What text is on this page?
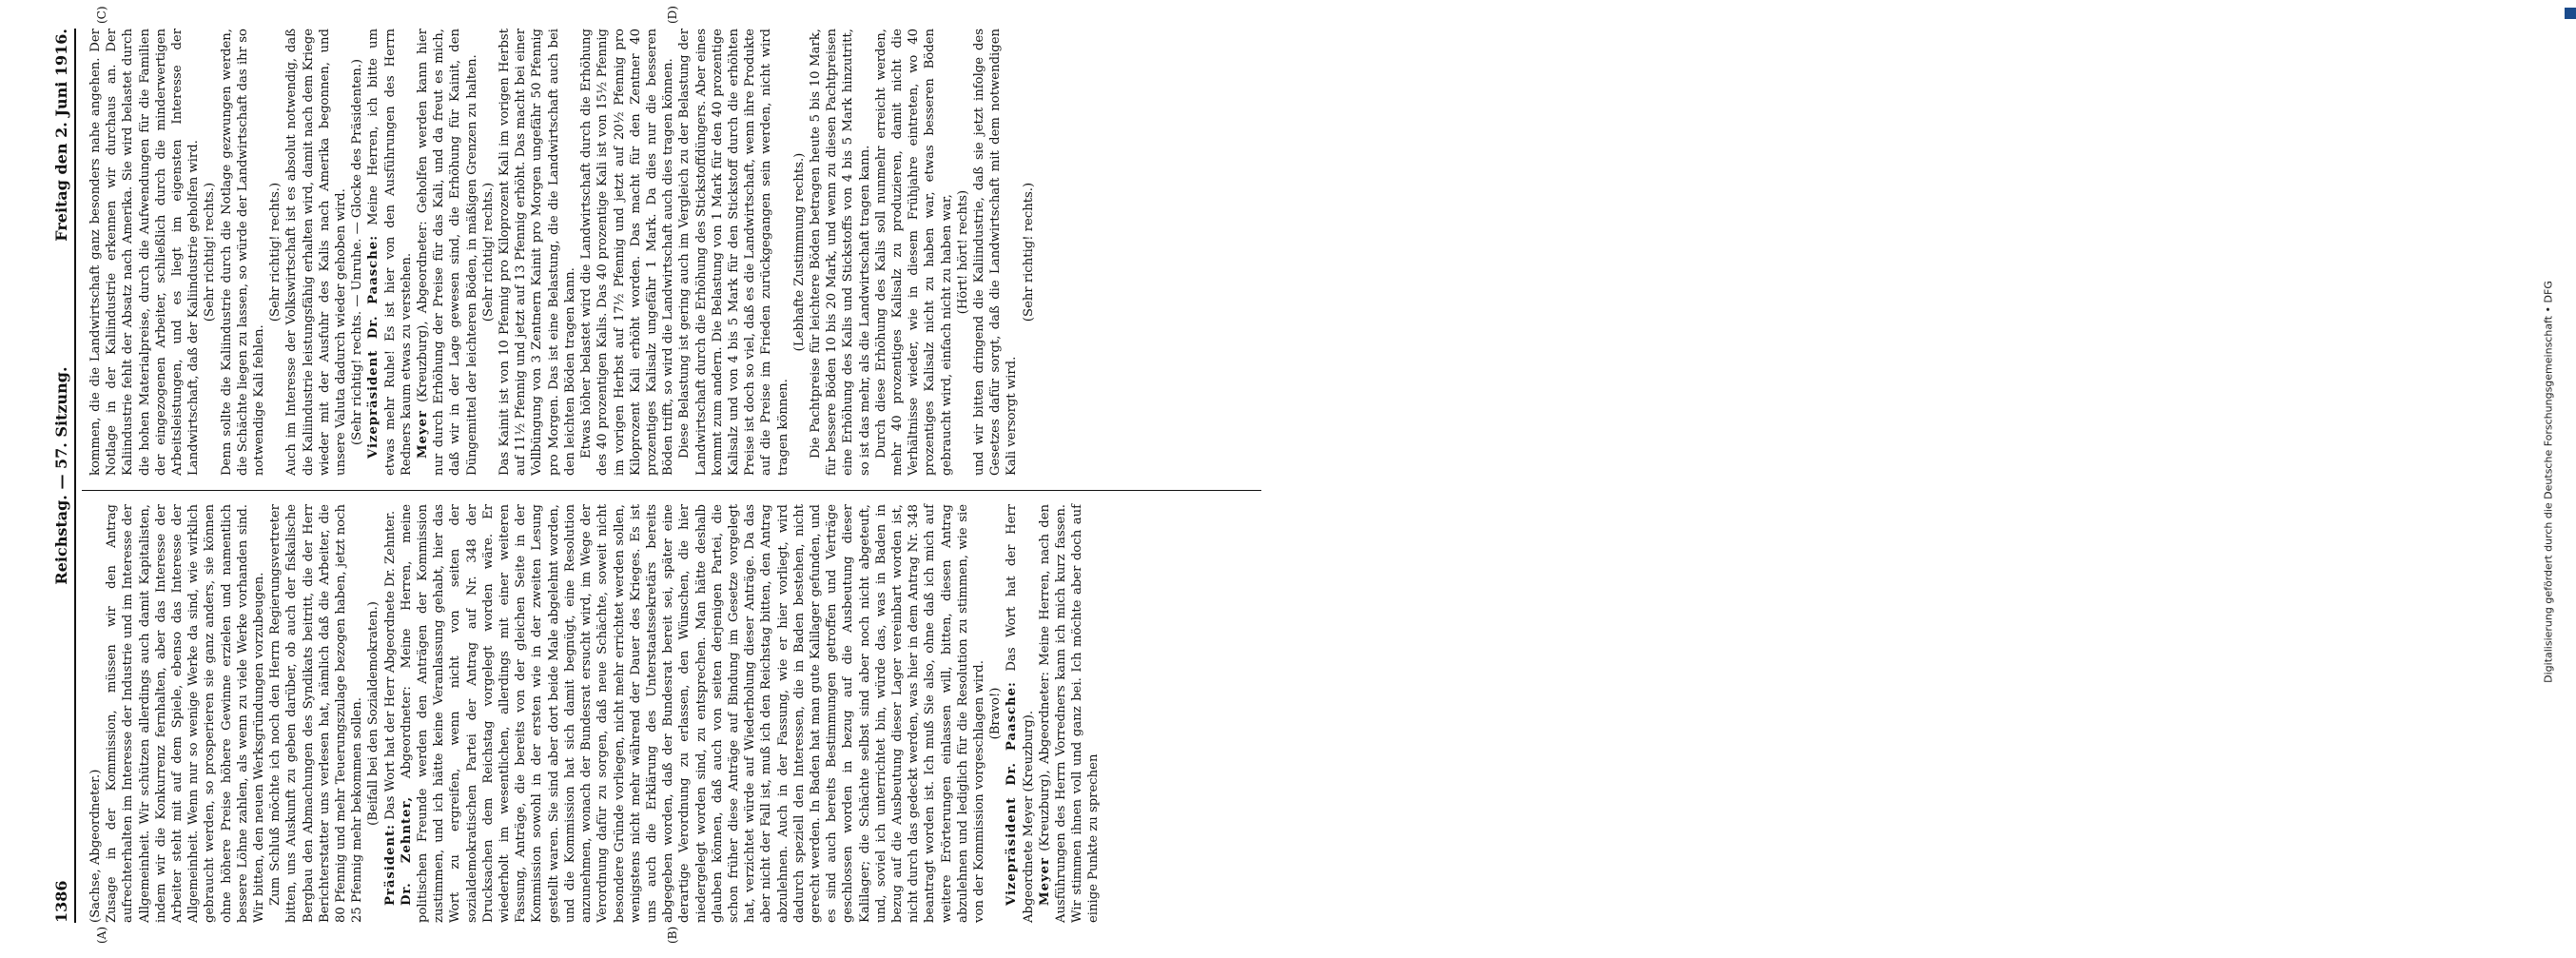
1386
Reichstag. — 57. Sitzung.
Freitag den 2. Juni 1916.
(A)	(B)
(C)	(D)

(Sachse, Abgeordneter.) Zusage in der Kommission, müssen wir den Antrag aufrechterhalten im Interesse der Industrie und im Interesse der Allgemeinheit. Wir schützen allerdings auch damit Kapitalisten, indem wir die Konkurrenz fernhalten, aber das Interesse der Arbeiter steht mit auf dem Spiele, ebenso das Interesse der Allgemeinheit. Wenn nur so wenige Werke da sind, wie wirklich gebraucht werden, so prosperieren sie ganz anders, sie können ohne höhere Preise höhere Gewinne erzielen und namentlich bessere Löhne zahlen, als wenn zu viele Werke vorhanden sind. Wir bitten, den neuen Werksgründungen vorzubeugen. Zum Schluß möchte ich noch den Herrn Regierungsvertreter bitten, uns Auskunft zu geben darüber, ob auch der fiskalische Bergbau den Abmachungen des Syndikats beitritt, die der Herr Berichterstatter uns verlesen hat, nämlich daß die Arbeiter, die 80 Pfennig und mehr Teuerungszulage bezogen haben, jetzt noch 25 Pfennig mehr bekommen sollen. (Beifall bei den Sozialdemokraten.)

Präsident: Das Wort hat der Herr Abgeordnete Dr. Zehnter.

Dr. Zehnter, Abgeordneter: Meine Herren, meine politischen Freunde werden den Anträgen der Kommission zustimmen, und ich hätte keine Veranlassung gehabt, hier das Wort zu ergreifen, wenn nicht von seiten der sozialdemokratischen Partei der Antrag auf Nr. 348 der Drucksachen dem Reichstag vorgelegt worden wäre. Er wiederholt im wesentlichen, allerdings mit einer weiteren Fassung, Anträge, die bereits von der gleichen Seite in der Kommission sowohl in der ersten wie in der zweiten Lesung gestellt waren. Sie sind aber dort beide Male abgelehnt worden, und die Kommission hat sich damit begnügt, eine Resolution anzunehmen, wonach der Bundesrat ersucht wird, im Wege der Verordnung dafür zu sorgen, daß neue Schächte, soweit nicht besondere Gründe vorliegen, nicht mehr errichtet werden sollen, wenigstens nicht mehr während der Dauer des Krieges. Es ist uns auch die Erklärung des Unterstaatssekretärs bereits abgegeben worden, daß der Bundesrat bereit sei, später eine derartige Verordnung zu erlassen, den Wünschen, die hier niedergelegt worden sind, zu entsprechen. Man hätte deshalb glauben können, daß auch von seiten derjenigen Partei, die schon früher diese Anträge auf Bindung im Gesetze vorgelegt hat, verzichtet würde auf Wiederholung dieser Anträge. Da das aber nicht der Fall ist, muß ich den Reichstag bitten, den Antrag abzulehnen. Auch in der Fassung, wie er hier vorliegt, wird dadurch speziell den Interessen, die in Baden bestehen, nicht gerecht werden. In Baden hat man gute Kalilager gefunden, und es sind auch bereits Bestimmungen getroffen und Verträge geschlossen worden in bezug auf die Ausbeutung dieser Kalilager; die Schächte selbst sind aber noch nicht abgeteuft, und, soviel ich unterrichtet bin, würde das, was in Baden in bezug auf die Ausbeutung dieser Lager vereinbart worden ist, nicht durch das gedeckt werden, was hier in dem Antrag Nr. 348 beantragt worden ist. Ich muß Sie also, ohne daß ich mich auf weitere Erörterungen einlassen will, bitten, diesen Antrag abzulehnen und lediglich für die Resolution zu stimmen, wie sie von der Kommission vorgeschlagen wird. (Bravo!) Vizepräsident Dr. Paasche: Das Wort hat der Herr Abgeordnete Meyer (Kreuzburg). Meyer (Kreuzburg), Abgeordneter: Meine Herren, nach den Ausführungen des Herrn Vorredners kann ich mich kurz fassen. Wir stimmen ihnen voll und ganz bei. Ich möchte aber doch auf einige Punkte zu sprechen

kommen, die die Landwirtschaft ganz besonders nahe angehen. Der Notlage in der Kaliindustrie erkennen wir durchaus an. Der Kaliindustrie fehlt der Absatz nach Amerika. Sie wird belastet durch die hohen Materialpreise, durch die Aufwendungen für die Familien der eingezogenen Arbeiter, schließlich durch die minderwertigen Arbeitsleistungen, und es liegt im eigensten Interesse der Landwirtschaft, daß der Kaliindustrie geholfen wird. (Sehr richtig! rechts.) Denn sollte die Kaliindustrie durch die Notlage gezwungen werden, die Schächte liegen zu lassen, so würde der Landwirtschaft das ihr so notwendige Kali fehlen.

(Sehr richtig! rechts.) Auch im Interesse der Volkswirtschaft ist es absolut notwendig, daß die Kaliindustrie leistungsfähig erhalten wird, damit nach dem Kriege wieder mit der Ausfuhr des Kalis nach Amerika begonnen, und unsere Valuta dadurch wieder gehoben wird. (Sehr richtig! rechts. — Unruhe. — Glocke des Präsidenten.) Vizepräsident Dr. Paasche: Meine Herren, ich bitte um etwas mehr Ruhe! Es ist hier von den Ausführungen des Herrn Redners kaum etwas zu verstehen. Meyer (Kreuzburg), Abgeordneter: Geholfen werden kann hier nur durch Erhöhung der Preise für das Kali, und da freut es mich, daß wir in der Lage gewesen sind, die Erhöhung für Kainit, den Düngemittel der leichteren Böden, in mäßigen Grenzen zu halten. (Sehr richtig! rechts.) Das Kainit ist von 10 Pfennig pro Kiloprozent Kali im vorigen Herbst auf 11½ Pfennig und jetzt auf 13 Pfennig erhöht. Das macht bei einer Vollbüngung von 3 Zentnern Kainit pro Morgen ungefähr 50 Pfennig pro Morgen. Das ist eine Belastung, die die Landwirtschaft auch bei den leichten Böden tragen kann. Etwas höher belastet wird die Landwirtschaft durch die Erhöhung des 40 prozentigen Kalis. Das 40 prozentige Kali ist von 15½ Pfennig im vorigen Herbst auf 17½ Pfennig und jetzt auf 20½ Pfennig pro Kiloprozent Kali erhöht worden. Das macht für den Zentner 40 prozentiges Kalisalz ungefähr 1 Mark. Da dies nur die besseren Böden trifft, so wird die Landwirtschaft auch dies tragen können. Diese Belastung ist gering auch im Vergleich zu der Belastung der Landwirtschaft durch die Erhöhung des Stickstoffdüngers. Aber eines kommt zum andern. Die Belastung von 1 Mark für den 40 prozentige Kalisalz und von 4 bis 5 Mark für den Stickstoff durch die erhöhten Preise ist doch so viel, daß es die Landwirtschaft, wenn ihre Produkte auf die Preise im Frieden zurückgegangen sein werden, nicht wird tragen können.

(Lebhafte Zustimmung rechts.) Die Pachtpreise für leichtere Böden betragen heute 5 bis 10 Mark, für bessere Böden 10 bis 20 Mark, und wenn zu diesen Pachtpreisen eine Erhöhung des Kalis und Stickstoffs von 4 bis 5 Mark hinzutritt, so ist das mehr, als die Landwirtschaft tragen kann. Durch diese Erhöhung des Kalis soll nunmehr erreicht werden, mehr 40 prozentiges Kalisalz zu produzieren, damit nicht die Verhältnisse wieder, wie in diesem Frühjahre eintreten, wo 40 prozentiges Kalisalz nicht zu haben war, etwas besseren Böden gebraucht wird, einfach nicht zu haben war, (Hört! hört! rechts) und wir bitten dringend die Kaliindustrie, daß sie jetzt infolge des Gesetzes dafür sorgt, daß die Landwirtschaft mit dem notwendigen Kali versorgt wird.

(Sehr richtig! rechts.)

Digitalisierung gefördert durch die Deutsche Forschungsgemeinschaft • DFG
